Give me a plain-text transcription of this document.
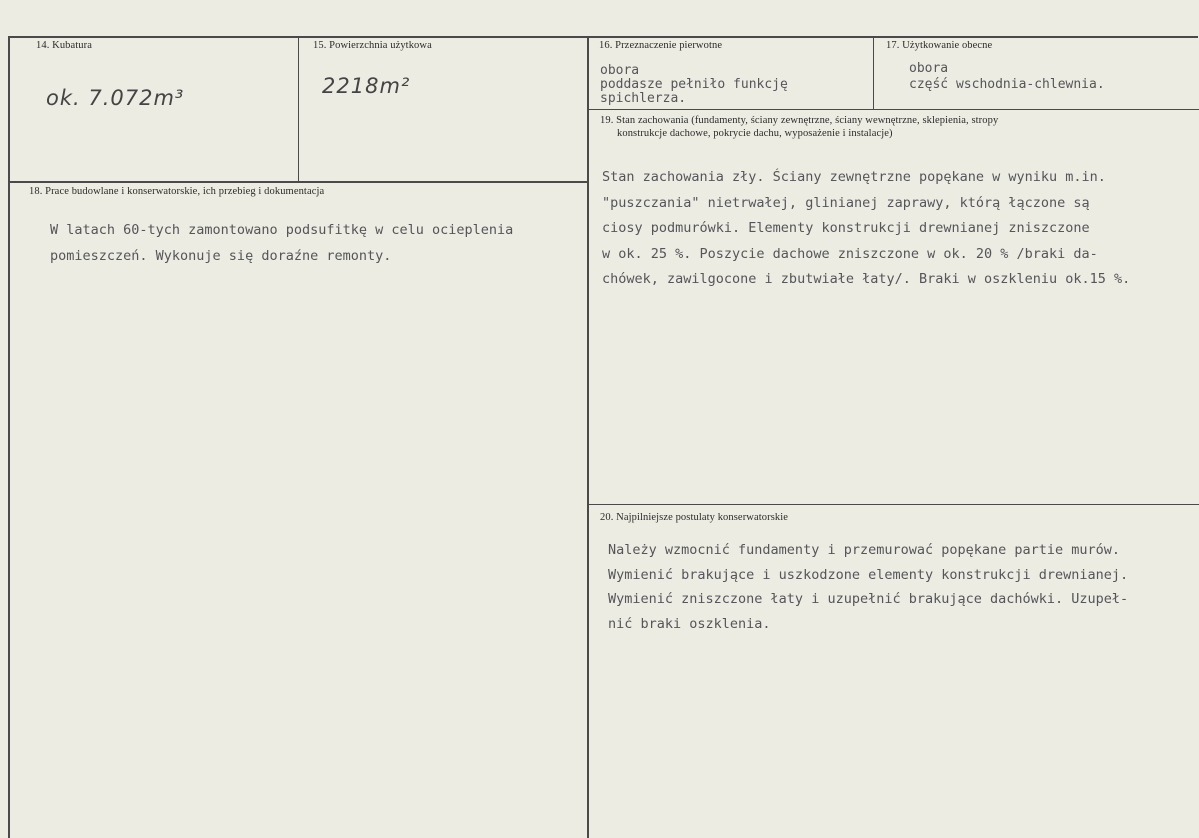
14. Kubatura
ok. 7.072m³
15. Powierzchnia użytkowa
2218m²
16. Przeznaczenie pierwotne
obora
poddasze pełniło funkcję
spichlerza.
17. Użytkowanie obecne
obora
część wschodnia-chlewnia.
18. Prace budowlane i konserwatorskie, ich przebieg i dokumentacja
W latach 60-tych zamontowano podsufitkę w celu ocieplenia
pomieszczeń. Wykonuje się doraźne remonty.
19. Stan zachowania (fundamenty, ściany zewnętrzne, ściany wewnętrzne, sklepienia, stropy
konstrukcje dachowe, pokrycie dachu, wyposażenie i instalacje)
Stan zachowania zły. Ściany zewnętrzne popękane w wyniku m.in.
"puszczania" nietrwałej, glinianej zaprawy, którą łączone są
ciosy podmurówki. Elementy konstrukcji drewnianej zniszczone
w ok. 25 %. Poszycie dachowe zniszczone w ok. 20 % /braki da-
chówek, zawilgocone i zbutwiałe łaty/. Braki w oszkleniu ok.15 %.
20. Najpilniejsze postulaty konserwatorskie
Należy wzmocnić fundamenty i przemurować popękane partie murów.
Wymienić brakujące i uszkodzone elementy konstrukcji drewnianej.
Wymienić zniszczone łaty i uzupełnić brakujące dachówki. Uzupeł-
nić braki oszklenia.
